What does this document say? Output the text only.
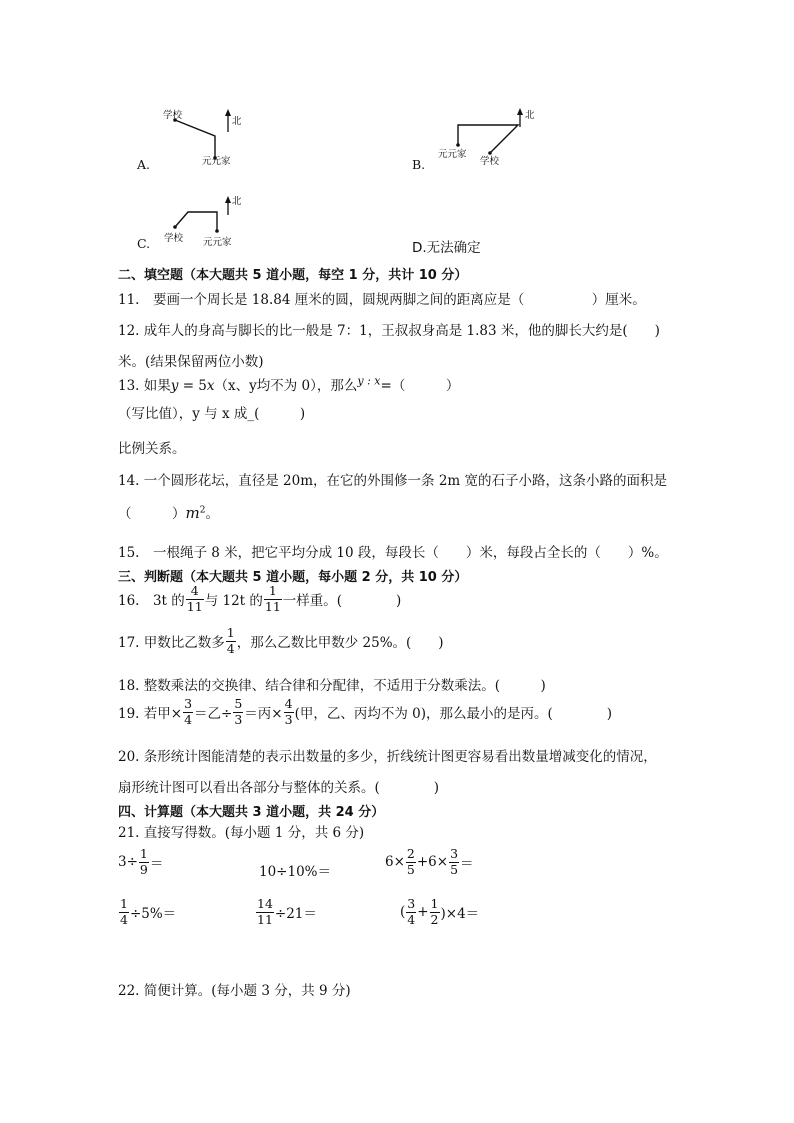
学校
北
元元家
A.
北
元元家
学校
B.
北
学校 元元家
C.	D.无法确定
二、填空题（本大题共 5 道小题，每空 1 分，共计 10 分）
11.　要画一个周长是 18.84 厘米的圆，圆规两脚之间的距离应是（　　　　　）厘米。
12. 成年人的身高与脚长的比一般是 7：1，王叔叔身高是 1.83 米，他的脚长大约是(　　)
米。(结果保留两位小数)
13. 如果y = 5x（x、y均不为 0），那么$^{y : x}$=（　　　）
（写比值），y 与 x 成_(　　　)
比例关系。
14. 一个圆形花坛，直径是 20m，在它的外围修一条 2m 宽的石子小路，这条小路的面积是
（　　　）$m^2$。
15.　一根绳子 8 米，把它平均分成 10 段，每段长（　　）米，每段占全长的（　　）%。
三、判断题（本大题共 5 道小题，每小题 2 分，共 10 分）
16.　3t 的 $\frac{4}{11}$ 与 12t 的 $\frac{1}{11}$ 一样重。(　　　　)
17. 甲数比乙数多 $\frac{1}{4}$ ，那么乙数比甲数少 25%。(　　)
18. 整数乘法的交换律、结合律和分配律，不适用于分数乘法。(　　　)
19. 若甲× $\frac{3}{4}$ ＝乙÷ $\frac{5}{3}$ ＝丙× $\frac{4}{3}$ (甲，乙、丙均不为 0)，那么最小的是丙。(　　　　)
20. 条形统计图能清楚的表示出数量的多少，折线统计图更容易看出数量增减变化的情况，
扇形统计图可以看出各部分与整体的关系。(　　　　)
四、计算题（本大题共 3 道小题，共 24 分）
21. 直接写得数。(每小题 1 分，共 6 分)
$3\div \frac{1}{9}$ ＝	10÷10%＝
$6\times \frac{2}{5} +6\times \frac{3}{5}$ ＝
$\frac{1}{4} \div 5\%=$	$\frac{14}{11} \div 21=$	( $\frac{3}{4} + \frac{1}{2} )\times 4=$
22. 简便计算。(每小题 3 分，共 9 分)
